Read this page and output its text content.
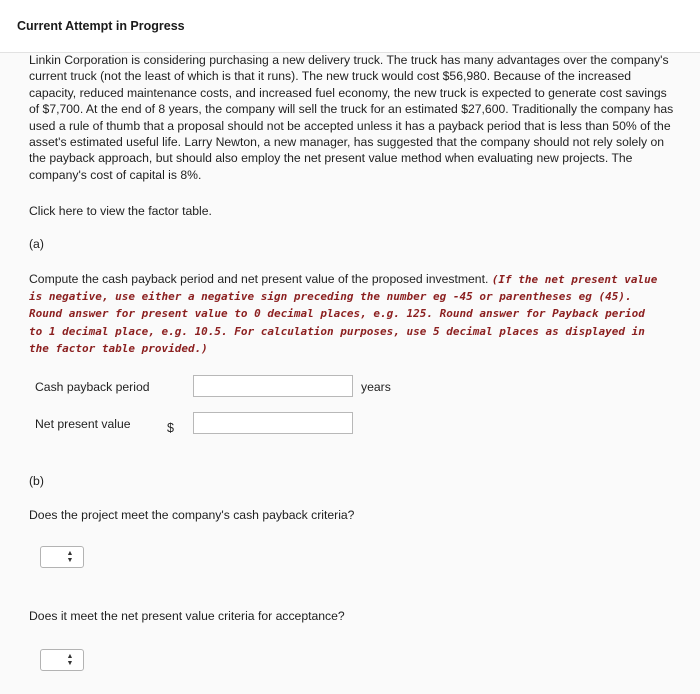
Current Attempt in Progress
Linkin Corporation is considering purchasing a new delivery truck. The truck has many advantages over the company's current truck (not the least of which is that it runs). The new truck would cost $56,980. Because of the increased capacity, reduced maintenance costs, and increased fuel economy, the new truck is expected to generate cost savings of $7,700. At the end of 8 years, the company will sell the truck for an estimated $27,600. Traditionally the company has used a rule of thumb that a proposal should not be accepted unless it has a payback period that is less than 50% of the asset's estimated useful life. Larry Newton, a new manager, has suggested that the company should not rely solely on the payback approach, but should also employ the net present value method when evaluating new projects. The company's cost of capital is 8%.
Click here to view the factor table.
(a)
Compute the cash payback period and net present value of the proposed investment. (If the net present value is negative, use either a negative sign preceding the number eg -45 or parentheses eg (45). Round answer for present value to 0 decimal places, e.g. 125. Round answer for Payback period to 1 decimal place, e.g. 10.5. For calculation purposes, use 5 decimal places as displayed in the factor table provided.)
Cash payback period	years
Net present value	$
(b)
Does the project meet the company's cash payback criteria?
▲
▼
Does it meet the net present value criteria for acceptance?
▲
▼
